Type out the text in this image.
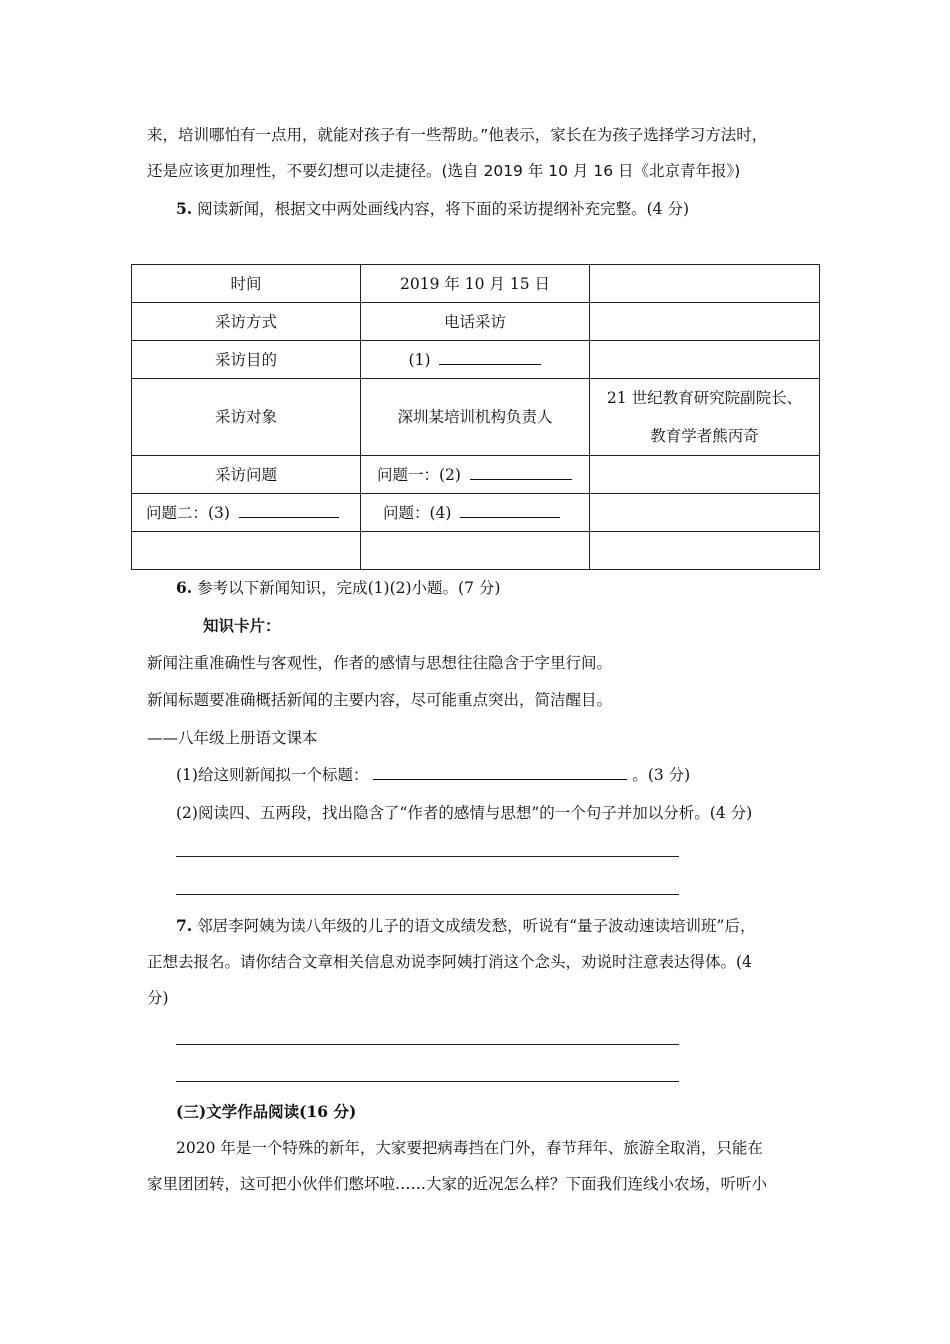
来，培训哪怕有一点用，就能对孩子有一些帮助。”他表示，家长在为孩子选择学习方法时，
还是应该更加理性，不要幻想可以走捷径。(选自 2019 年 10 月 16 日《北京青年报》)
5. 阅读新闻，根据文中两处画线内容，将下面的采访提纲补充完整。(4 分)
时间	2019 年 10 月 15 日	
采访方式	电话采访	
采访目的	(1)	
采访对象	深圳某培训机构负责人	21 世纪教育研究院副院长、
教育学者熊丙奇

采访问题	问题一：(2)	
问题二：(3)	问题：(4)	

6. 参考以下新闻知识，完成(1)(2)小题。(7 分)
知识卡片：
新闻注重准确性与客观性，作者的感情与思想往往隐含于字里行间。
新闻标题要准确概括新闻的主要内容，尽可能重点突出，简洁醒目。
——八年级上册语文课本
(1)给这则新闻拟一个标题：	。(3 分)
(2)阅读四、五两段，找出隐含了“作者的感情与思想”的一个句子并加以分析。(4 分)
7. 邻居李阿姨为读八年级的儿子的语文成绩发愁，听说有“量子波动速读培训班”后，
正想去报名。请你结合文章相关信息劝说李阿姨打消这个念头，劝说时注意表达得体。(4
分)
(三)文学作品阅读(16 分)
2020 年是一个特殊的新年，大家要把病毒挡在门外，春节拜年、旅游全取消，只能在
家里团团转，这可把小伙伴们憋坏啦……大家的近况怎么样？下面我们连线小农场，听听小
